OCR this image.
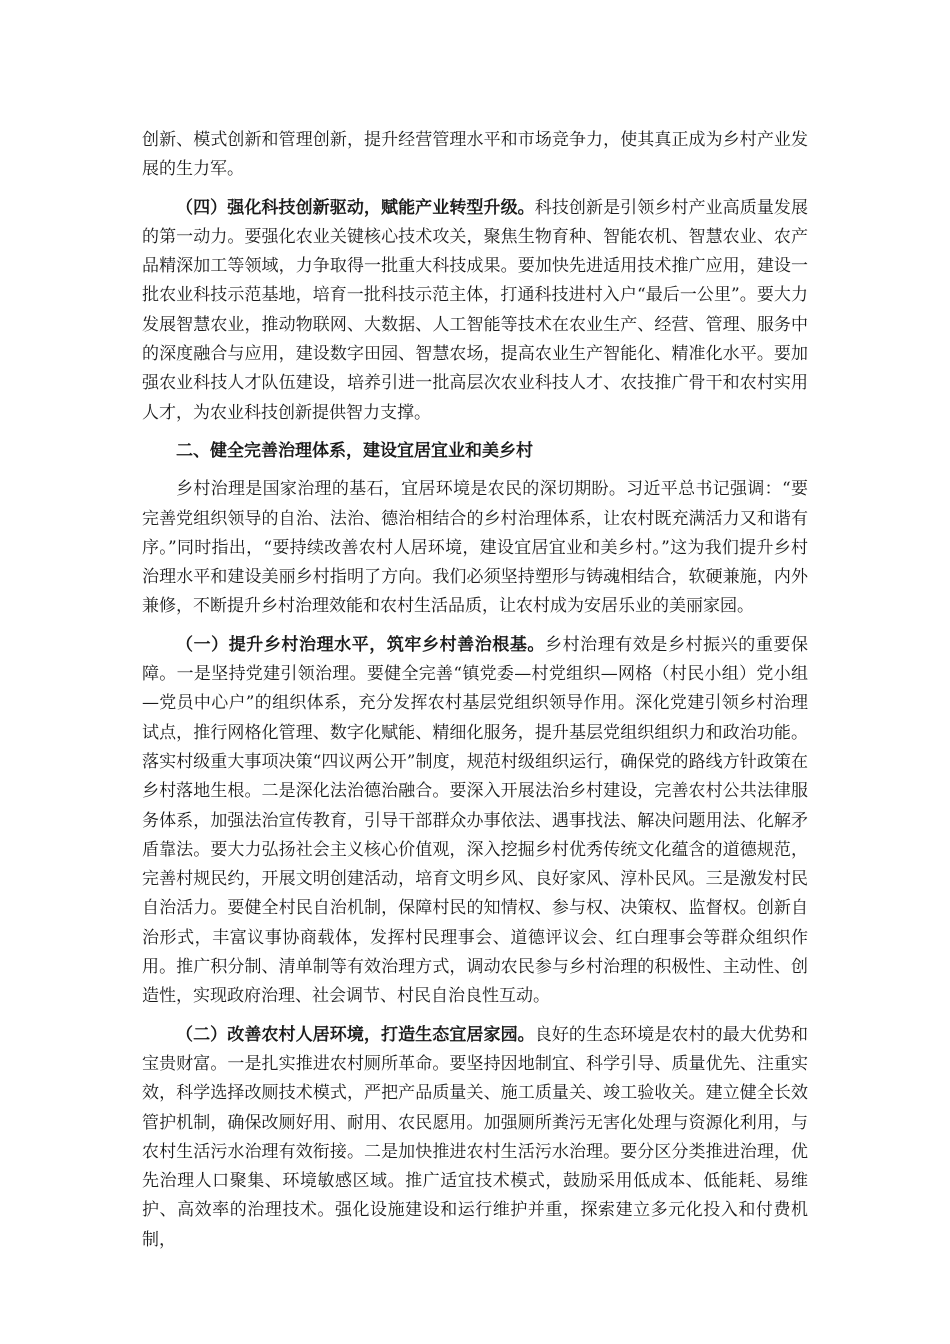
创新、模式创新和管理创新，提升经营管理水平和市场竞争力，使其真正成为乡村产业发展的生力军。

（四）强化科技创新驱动，赋能产业转型升级。科技创新是引领乡村产业高质量发展的第一动力。要强化农业关键核心技术攻关，聚焦生物育种、智能农机、智慧农业、农产品精深加工等领域，力争取得一批重大科技成果。要加快先进适用技术推广应用，建设一批农业科技示范基地，培育一批科技示范主体，打通科技进村入户“最后一公里”。要大力发展智慧农业，推动物联网、大数据、人工智能等技术在农业生产、经营、管理、服务中的深度融合与应用，建设数字田园、智慧农场，提高农业生产智能化、精准化水平。要加强农业科技人才队伍建设，培养引进一批高层次农业科技人才、农技推广骨干和农村实用人才，为农业科技创新提供智力支撑。

二、健全完善治理体系，建设宜居宜业和美乡村

乡村治理是国家治理的基石，宜居环境是农民的深切期盼。习近平总书记强调：“要完善党组织领导的自治、法治、德治相结合的乡村治理体系，让农村既充满活力又和谐有序。”同时指出，“要持续改善农村人居环境，建设宜居宜业和美乡村。”这为我们提升乡村治理水平和建设美丽乡村指明了方向。我们必须坚持塑形与铸魂相结合，软硬兼施，内外兼修，不断提升乡村治理效能和农村生活品质，让农村成为安居乐业的美丽家园。

（一）提升乡村治理水平，筑牢乡村善治根基。乡村治理有效是乡村振兴的重要保障。一是坚持党建引领治理。要健全完善“镇党委—村党组织—网格（村民小组）党小组—党员中心户”的组织体系，充分发挥农村基层党组织领导作用。深化党建引领乡村治理试点，推行网格化管理、数字化赋能、精细化服务，提升基层党组织组织力和政治功能。落实村级重大事项决策“四议两公开”制度，规范村级组织运行，确保党的路线方针政策在乡村落地生根。二是深化法治德治融合。要深入开展法治乡村建设，完善农村公共法律服务体系，加强法治宣传教育，引导干部群众办事依法、遇事找法、解决问题用法、化解矛盾靠法。要大力弘扬社会主义核心价值观，深入挖掘乡村优秀传统文化蕴含的道德规范，完善村规民约，开展文明创建活动，培育文明乡风、良好家风、淳朴民风。三是激发村民自治活力。要健全村民自治机制，保障村民的知情权、参与权、决策权、监督权。创新自治形式，丰富议事协商载体，发挥村民理事会、道德评议会、红白理事会等群众组织作用。推广积分制、清单制等有效治理方式，调动农民参与乡村治理的积极性、主动性、创造性，实现政府治理、社会调节、村民自治良性互动。

（二）改善农村人居环境，打造生态宜居家园。良好的生态环境是农村的最大优势和宝贵财富。一是扎实推进农村厕所革命。要坚持因地制宜、科学引导、质量优先、注重实效，科学选择改厕技术模式，严把产品质量关、施工质量关、竣工验收关。建立健全长效管护机制，确保改厕好用、耐用、农民愿用。加强厕所粪污无害化处理与资源化利用，与农村生活污水治理有效衔接。二是加快推进农村生活污水治理。要分区分类推进治理，优先治理人口聚集、环境敏感区域。推广适宜技术模式，鼓励采用低成本、低能耗、易维护、高效率的治理技术。强化设施建设和运行维护并重，探索建立多元化投入和付费机制，
